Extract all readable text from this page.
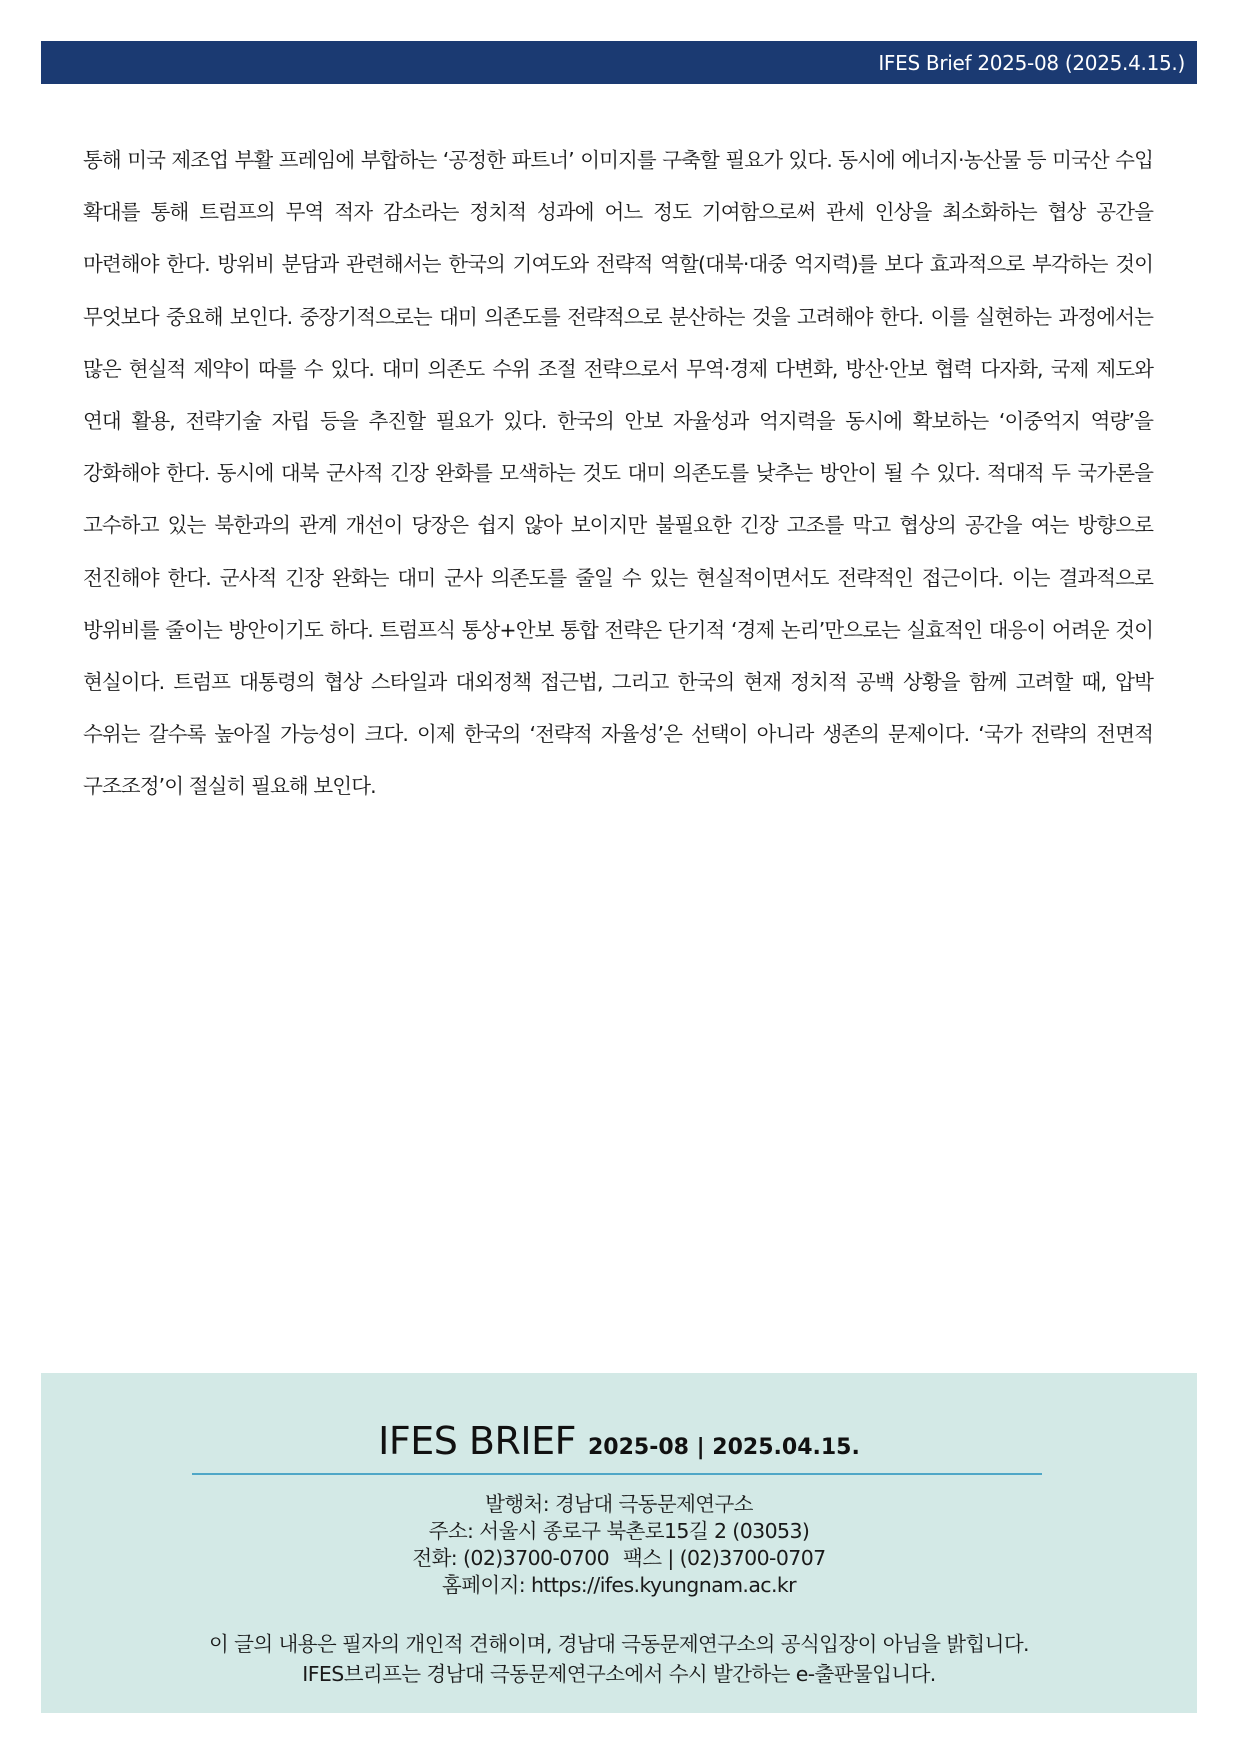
IFES Brief 2025-08 (2025.4.15.)

통해 미국 제조업 부활 프레임에 부합하는 ‘공정한 파트너’ 이미지를 구축할 필요가 있다. 동시에 에너지·농산물 등 미국산 수입 확대를 통해 트럼프의 무역 적자 감소라는 정치적 성과에 어느 정도 기여함으로써 관세 인상을 최소화하는 협상 공간을 마련해야 한다. 방위비 분담과 관련해서는 한국의 기여도와 전략적 역할(대북·대중 억지력)를 보다 효과적으로 부각하는 것이 무엇보다 중요해 보인다. 중장기적으로는 대미 의존도를 전략적으로 분산하는 것을 고려해야 한다. 이를 실현하는 과정에서는 많은 현실적 제약이 따를 수 있다. 대미 의존도 수위 조절 전략으로서 무역·경제 다변화, 방산·안보 협력 다자화, 국제 제도와 연대 활용, 전략기술 자립 등을 추진할 필요가 있다. 한국의 안보 자율성과 억지력을 동시에 확보하는 ‘이중억지 역량’을 강화해야 한다. 동시에 대북 군사적 긴장 완화를 모색하는 것도 대미 의존도를 낮추는 방안이 될 수 있다. 적대적 두 국가론을 고수하고 있는 북한과의 관계 개선이 당장은 쉽지 않아 보이지만 불필요한 긴장 고조를 막고 협상의 공간을 여는 방향으로 전진해야 한다. 군사적 긴장 완화는 대미 군사 의존도를 줄일 수 있는 현실적이면서도 전략적인 접근이다. 이는 결과적으로 방위비를 줄이는 방안이기도 하다. 트럼프식 통상+안보 통합 전략은 단기적 ‘경제 논리’만으로는 실효적인 대응이 어려운 것이 현실이다. 트럼프 대통령의 협상 스타일과 대외정책 접근법, 그리고 한국의 현재 정치적 공백 상황을 함께 고려할 때, 압박 수위는 갈수록 높아질 가능성이 크다. 이제 한국의 ‘전략적 자율성’은 선택이 아니라 생존의 문제이다. ‘국가 전략의 전면적 구조조정’이 절실히 필요해 보인다.

IFES BRIEF 2025-08 | 2025.04.15.
발행처: 경남대 극동문제연구소
주소: 서울시 종로구 북촌로15길 2 (03053)
전화: (02)3700-0700 팩스 | (02)3700-0707
홈페이지: https://ifes.kyungnam.ac.kr
이 글의 내용은 필자의 개인적 견해이며, 경남대 극동문제연구소의 공식입장이 아님을 밝힙니다.
IFES브리프는 경남대 극동문제연구소에서 수시 발간하는 e-출판물입니다.
